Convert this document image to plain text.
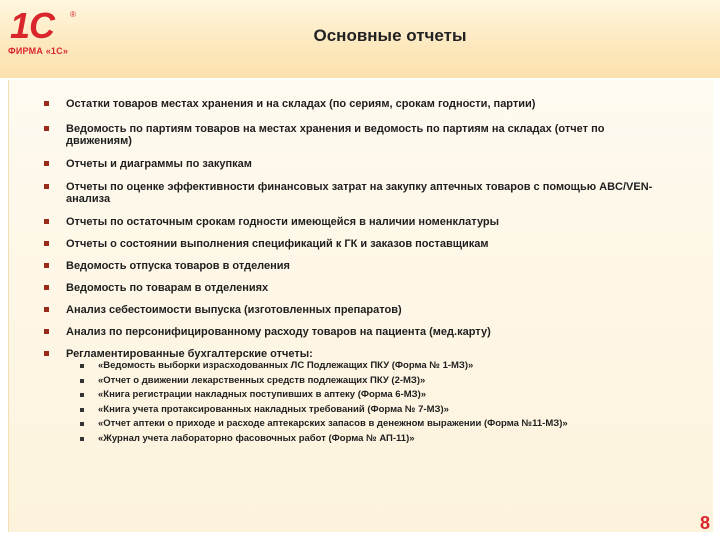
1С ®
ФИРМА «1С»
Основные отчеты
Остатки товаров местах хранения и на складах (по сериям, срокам годности, партии)
Ведомость по партиям товаров на местах хранения и ведомость по партиям на складах (отчет по движениям)
Отчеты и диаграммы по закупкам
Отчеты по оценке эффективности финансовых затрат на закупку аптечных товаров с помощью ABC/VEN-анализа
Отчеты по остаточным срокам годности имеющейся в наличии номенклатуры
Отчеты о состоянии выполнения спецификаций к ГК и заказов поставщикам
Ведомость отпуска товаров в отделения
Ведомость по товарам в отделениях
Анализ себестоимости выпуска (изготовленных препаратов)
Анализ по персонифицированному расходу товаров на пациента (мед.карту)
Регламентированные бухгалтерские отчеты:
«Ведомость выборки израсходованных ЛС Подлежащих ПКУ (Форма № 1-МЗ)»
«Отчет о движении лекарственных средств подлежащих ПКУ (2-МЗ)»
«Книга регистрации накладных поступивших в аптеку (Форма 6-МЗ)»
«Книга учета протаксированных накладных требований (Форма № 7-МЗ)»
«Отчет аптеки о приходе и расходе аптекарских запасов в денежном выражении (Форма №11-МЗ)»
«Журнал учета лабораторно фасовочных работ (Форма № АП-11)»
8
